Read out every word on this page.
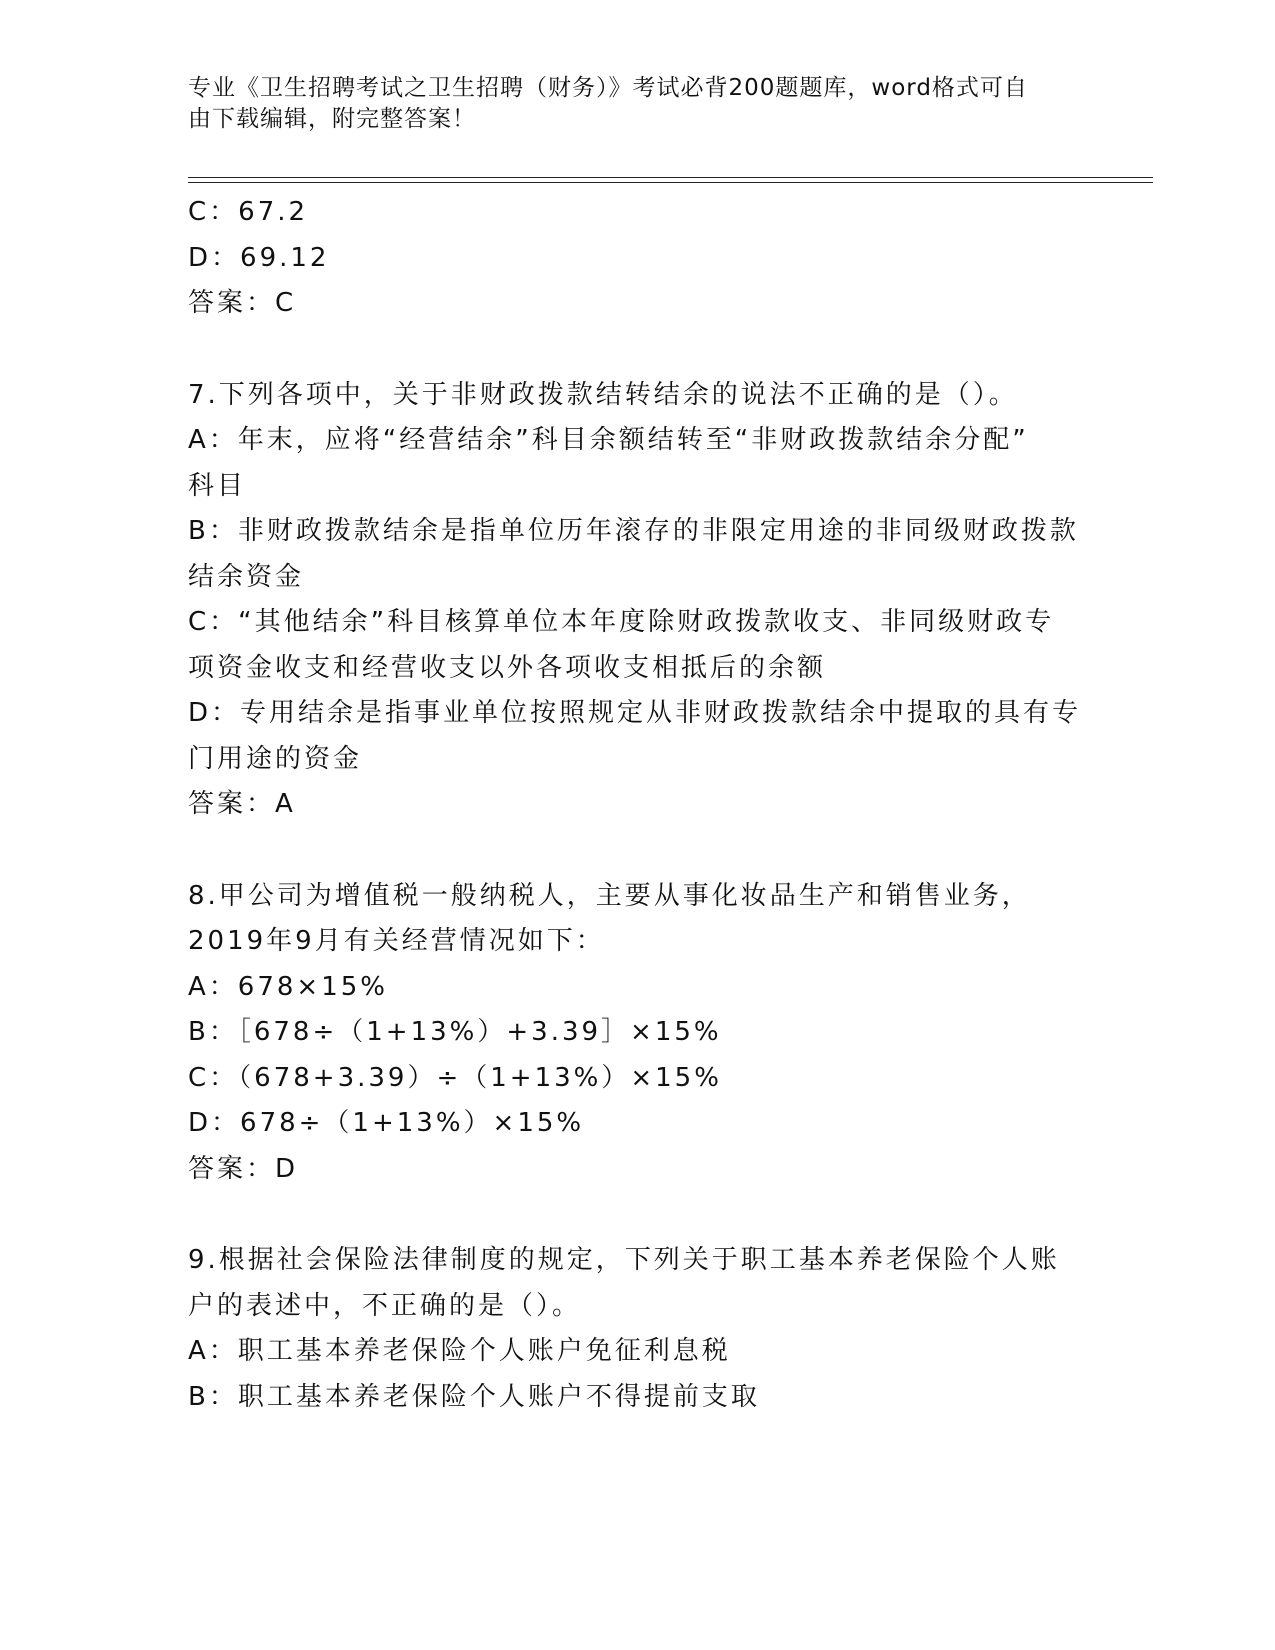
专业《卫生招聘考试之卫生招聘（财务）》考试必背200题题库，word格式可自
由下载编辑，附完整答案！
C：67.2
D：69.12
答案：C
7.下列各项中，关于非财政拨款结转结余的说法不正确的是（）。
A：年末，应将“经营结余”科目余额结转至“非财政拨款结余分配”
科目
B：非财政拨款结余是指单位历年滚存的非限定用途的非同级财政拨款
结余资金
C：“其他结余”科目核算单位本年度除财政拨款收支、非同级财政专
项资金收支和经营收支以外各项收支相抵后的余额
D：专用结余是指事业单位按照规定从非财政拨款结余中提取的具有专
门用途的资金
答案：A
8.甲公司为增值税一般纳税人，主要从事化妆品生产和销售业务，
2019年9月有关经营情况如下：
A：678×15%
B：［678÷（1+13%）+3.39］×15%
C：（678+3.39）÷（1+13%）×15%
D：678÷（1+13%）×15%
答案：D
9.根据社会保险法律制度的规定，下列关于职工基本养老保险个人账
户的表述中，不正确的是（）。
A：职工基本养老保险个人账户免征利息税
B：职工基本养老保险个人账户不得提前支取
